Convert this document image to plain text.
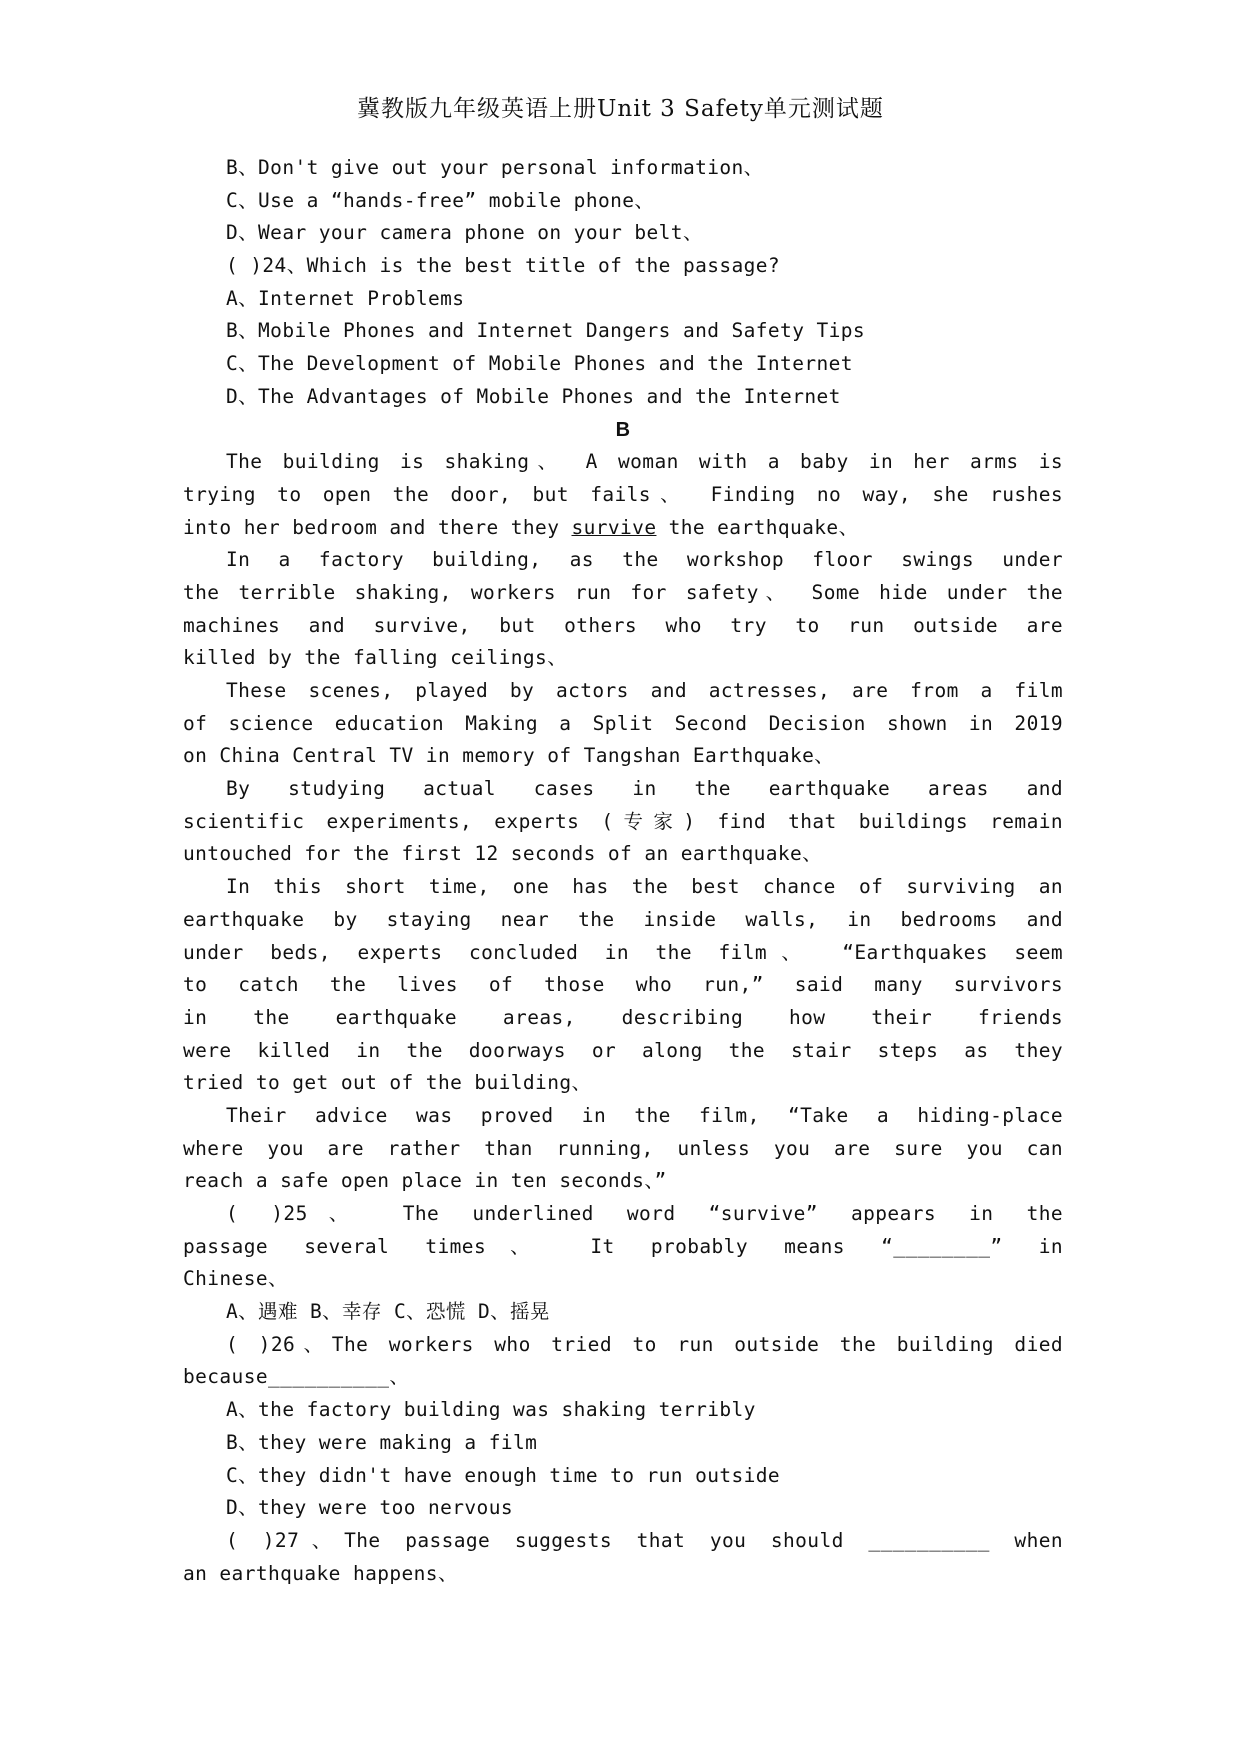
冀教版九年级英语上册Unit 3 Safety单元测试题
B、Don't give out your personal information、
C、Use a “hands-free” mobile phone、
D、Wear your camera phone on your belt、
( )24、Which is the best title of the passage?
A、Internet Problems
B、Mobile Phones and Internet Dangers and Safety Tips
C、The Development of Mobile Phones and the Internet
D、The Advantages of Mobile Phones and the Internet
B
The building is shaking、 A woman with a baby in her arms is
trying to open the door, but fails、 Finding no way, she rushes
into her bedroom and there they survive the earthquake、
In a factory building, as the workshop floor swings under
the terrible shaking, workers run for safety、 Some hide under the
machines and survive, but others who try to run outside are
killed by the falling ceilings、
These scenes, played by actors and actresses, are from a film
of science education Making a Split Second Decision shown in 2019
on China Central TV in memory of Tangshan Earthquake、
By studying actual cases in the earthquake areas and
scientific experiments, experts (专家) find that buildings remain
untouched for the first 12 seconds of an earthquake、
In this short time, one has the best chance of surviving an
earthquake by staying near the inside walls, in bedrooms and
under beds, experts concluded in the film、 “Earthquakes seem
to catch the lives of those who run,” said many survivors
in the earthquake areas, describing how their friends
were killed in the doorways or along the stair steps as they
tried to get out of the building、
Their advice was proved in the film, “Take a hiding-place
where you are rather than running, unless you are sure you can
reach a safe open place in ten seconds、”
( )25、 The underlined word “survive” appears in the
passage several times、 It probably means “________” in
Chinese、
A、遇难 B、幸存 C、恐慌 D、摇晃
( )26、The workers who tried to run outside the building died
because__________、
A、the factory building was shaking terribly
B、they were making a film
C、they didn't have enough time to run outside
D、they were too nervous
( )27、The passage suggests that you should __________ when
an earthquake happens、
